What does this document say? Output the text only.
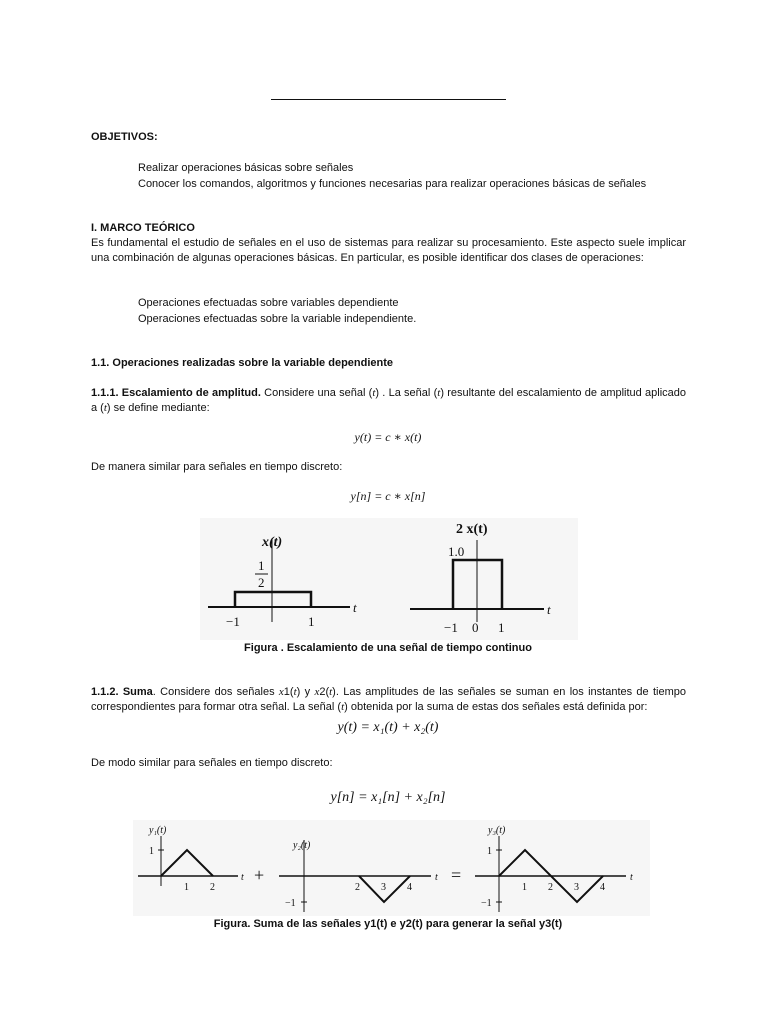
OBJETIVOS:
Realizar operaciones básicas sobre señales
Conocer los comandos, algoritmos y funciones necesarias para realizar operaciones básicas de señales
I. MARCO TEÓRICO
Es fundamental el estudio de señales en el uso de sistemas para realizar su procesamiento. Este aspecto suele implicar una combinación de algunas operaciones básicas. En particular, es posible identificar dos clases de operaciones:
Operaciones efectuadas sobre variables dependiente
Operaciones efectuadas sobre la variable independiente.
1.1. Operaciones realizadas sobre la variable dependiente
1.1.1. Escalamiento de amplitud. Considere una señal (t) . La señal (t) resultante del escalamiento de amplitud aplicado a (t) se define mediante:
y(t) = c ∗ x(t)
De manera similar para señales en tiempo discreto:
y[n] = c ∗ x[n]
x(t)
1
2
−1	1
t
2 x(t)
1.0
−1 0 1
t
Figura . Escalamiento de una señal de tiempo continuo
1.1.2. Suma. Considere dos señales x1(t) y x2(t). Las amplitudes de las señales se suman en los instantes de tiempo correspondientes para formar otra señal. La señal (t) obtenida por la suma de estas dos señales está definida por:
y(t) = x₁(t) + x₂(t)
De modo similar para señales en tiempo discreto:
y[n] = x₁[n] + x₂[n]
y₁(t)
1
1 2
t +
y₂(t)
−1
2 3 4
t =
y₃(t)
1
−1
1 2 3 4
t
Figura. Suma de las señales y1(t) e y2(t) para generar la señal y3(t)
